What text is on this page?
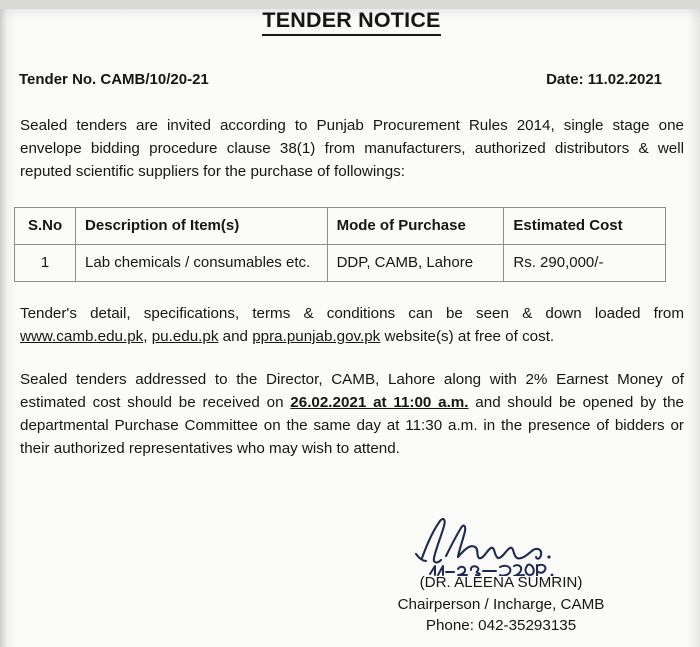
TENDER NOTICE
Tender No. CAMB/10/20-21	Date: 11.02.2021

Sealed tenders are invited according to Punjab Procurement Rules 2014, single stage one envelope bidding procedure clause 38(1) from manufacturers, authorized distributors & well reputed scientific suppliers for the purchase of followings:

S.No	Description of Item(s)	Mode of Purchase	Estimated Cost
1	Lab chemicals / consumables etc.	DDP, CAMB, Lahore	Rs. 290,000/-

Tender's detail, specifications, terms & conditions can be seen & down loaded from www.camb.edu.pk, pu.edu.pk and ppra.punjab.gov.pk website(s) at free of cost.

Sealed tenders addressed to the Director, CAMB, Lahore along with 2% Earnest Money of estimated cost should be received on 26.02.2021 at 11:00 a.m. and should be opened by the departmental Purchase Committee on the same day at 11:30 a.m. in the presence of bidders or their authorized representatives who may wish to attend.

(DR. ALEENA SUMRIN)
Chairperson / Incharge, CAMB
Phone: 042-35293135
